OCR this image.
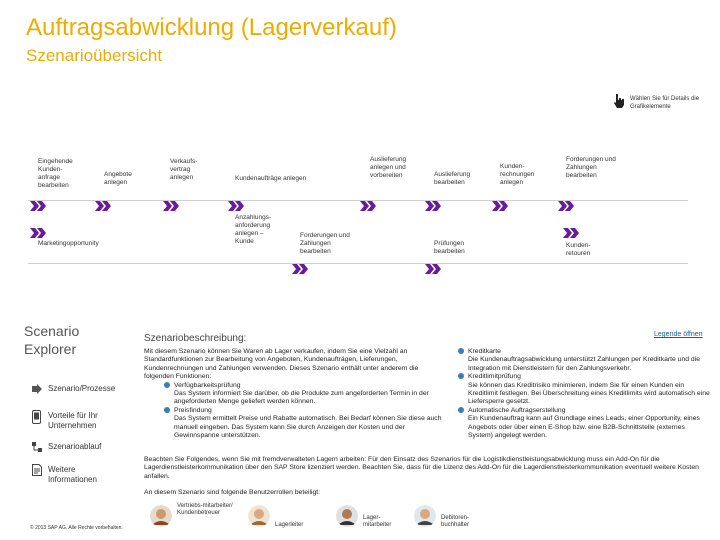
Auftragsabwicklung (Lagerverkauf)
Szenarioübersicht
Wählen Sie für Details die Grafikelemente
Eingehende Kunden-anfrage bearbeiten
Angebote anlegen
Verkaufs-vertrag anlegen	Kundenaufträge anlegen
Auslieferung anlegen und vorbereiten	Auslieferung bearbeiten
Kunden-rechnungen anlegen
Forderungen und Zahlungen bearbeiten
Marketingopportunity
Anzahlungs-anforderung anlegen – Kunde
Forderungen und Zahlungen bearbeiten
Prüfungen bearbeiten
Kunden-retouren
Scenario Explorer
Szenario/Prozesse
Vorteile für Ihr Unternehmen
Szenarioablauf
Weitere Informationen
Szenariobeschreibung:	Legende öffnen
Mit diesem Szenario können Sie Waren ab Lager verkaufen, indem Sie eine Vielzahl an Standardfunktionen zur Bearbeitung von Angeboten, Kundenaufträgen, Lieferungen, Kundenrechnungen und Zahlungen verwenden. Dieses Szenario enthält unter anderem die folgenden Funktionen:
Verfügbarkeitsprüfung
Das System informiert Sie darüber, ob die Produkte zum angeforderten Termin in der angeforderten Menge geliefert werden können.
Preisfindung
Das System ermittelt Preise und Rabatte automatisch. Bei Bedarf können Sie diese auch manuell eingeben. Das System kann Sie durch Anzeigen der Kosten und der Gewinnspanne unterstützen.
Kreditkarte
Die Kundenauftragsabwicklung unterstützt Zahlungen per Kreditkarte und die Integration mit Dienstleistern für den Zahlungsverkehr.
Kreditlimitprüfung
Sie können das Kreditrisiko minimieren, indem Sie für einen Kunden ein Kreditlimit festlegen. Bei Überschreitung eines Kreditlimits wird automatisch eine Liefersperre gesetzt.
Automatische Auftragserstellung
Ein Kundenauftrag kann auf Grundlage eines Leads, einer Opportunity, eines Angebots oder über einen E-Shop bzw. eine B2B-Schnittstelle (externes System) angelegt werden.
Beachten Sie Folgendes, wenn Sie mit fremdverwalteten Lagern arbeiten: Für den Einsatz des Szenarios für die Logistikdienstleistungsabwicklung muss ein Add-On für die Lagerdienstleisterkommunikation über den SAP Store lizenziert werden. Beachten Sie, dass für die Lizenz des Add-On für die Lagerdienstleisterkommunikation eventuell weitere Kosten anfallen.
An diesem Szenario sind folgende Benutzerrollen beteiligt:
Vertriebs-mitarbeiter/ Kundenbetreuer
Lagerleiter
Lager-mitarbeiter
Debitoren-buchhalter
© 2013 SAP AG. Alle Rechte vorbehalten.
